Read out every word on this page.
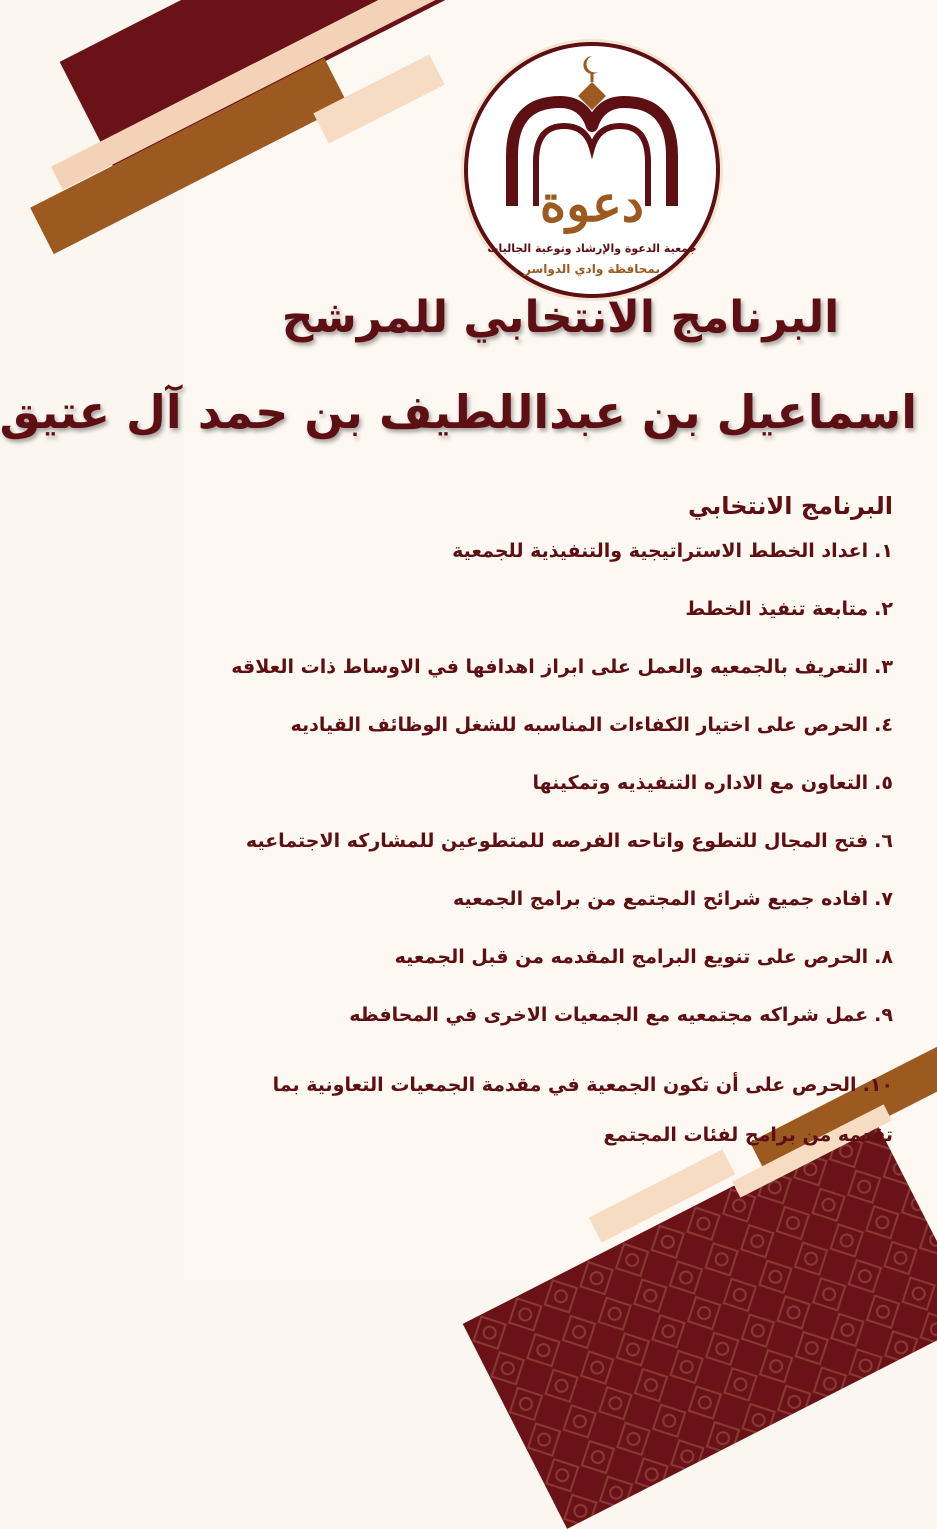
دعوة
جمعية الدعوة والإرشاد وتوعية الجاليات
بمحافظة وادي الدواسر
البرنامج الانتخابي للمرشح
اسماعيل بن عبداللطيف بن حمد آل عتيق
البرنامج الانتخابي
١.اعداد الخطط الاستراتيجية والتنفيذية للجمعية
٢.متابعة تنفيذ الخطط
٣.التعريف بالجمعيه والعمل على ابراز اهدافها في الاوساط ذات العلاقه
٤.الحرص على اختيار الكفاءات المناسبه للشغل الوظائف القياديه
٥.التعاون مع الاداره التنفيذيه وتمكينها
٦.فتح المجال للتطوع واتاحه الفرصه للمتطوعين للمشاركه الاجتماعيه
٧.افاده جميع شرائح المجتمع من برامج الجمعيه
٨.الحرص على تنويع البرامج المقدمه من قبل الجمعيه
٩.عمل شراكه مجتمعيه مع الجمعيات الاخرى في المحافظه
١٠.الحرص على أن تكون الجمعية في مقدمة الجمعيات التعاونية بما تقدمه من برامج لفئات المجتمع
